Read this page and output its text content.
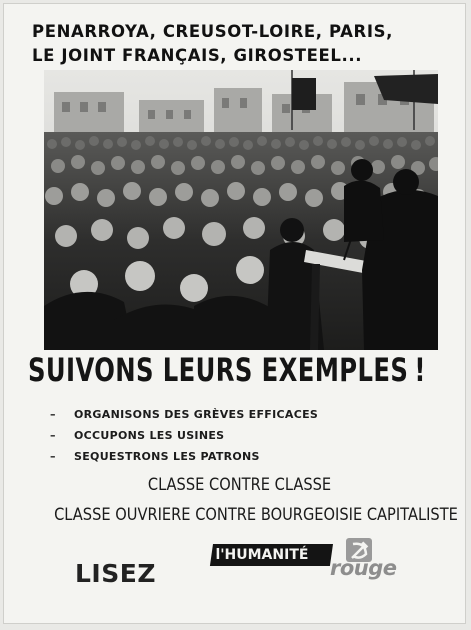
PENARROYA, CREUSOT-LOIRE, PARIS,
LE JOINT FRANÇAIS, GIROSTEEL...
SUIVONS LEURS EXEMPLES !
–	ORGANISONS DES GRÈVES EFFICACES
–	OCCUPONS LES USINES
–	SEQUESTRONS LES PATRONS
CLASSE CONTRE CLASSE
CLASSE OUVRIERE CONTRE BOURGEOISIE CAPITALISTE
LISEZ
l'HUMANITÉ
rouge
